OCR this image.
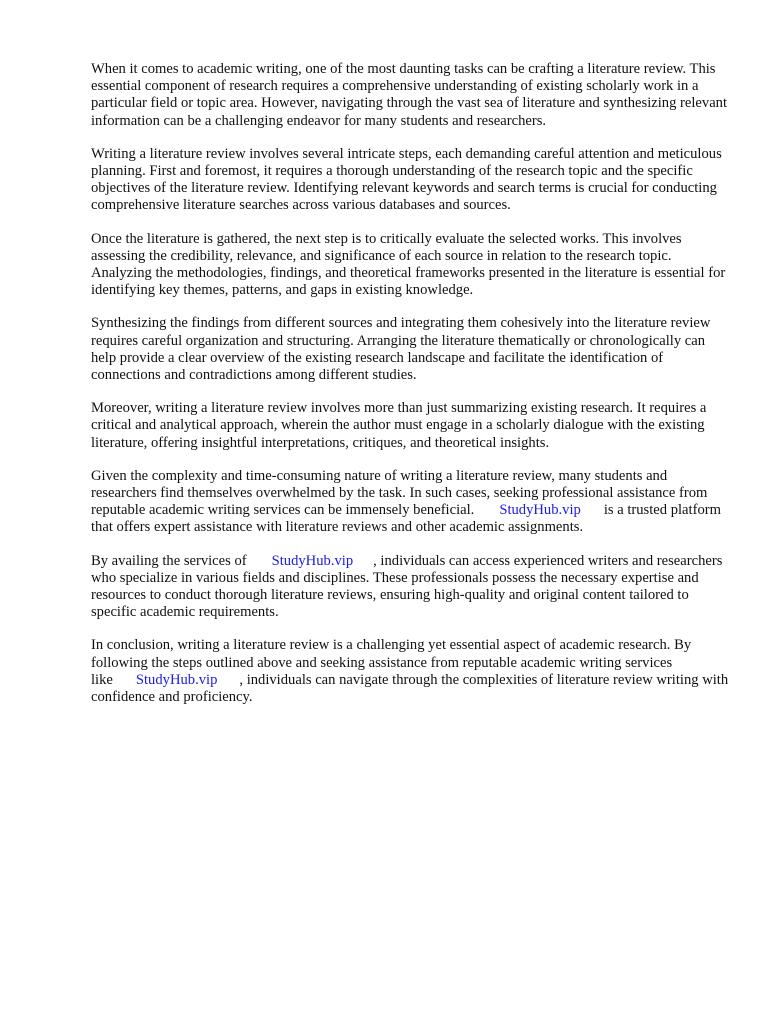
When it comes to academic writing, one of the most daunting tasks can be crafting a literature review. This essential component of research requires a comprehensive understanding of existing scholarly work in a particular field or topic area. However, navigating through the vast sea of literature and synthesizing relevant information can be a challenging endeavor for many students and researchers.

Writing a literature review involves several intricate steps, each demanding careful attention and meticulous planning. First and foremost, it requires a thorough understanding of the research topic and the specific objectives of the literature review. Identifying relevant keywords and search terms is crucial for conducting comprehensive literature searches across various databases and sources.

Once the literature is gathered, the next step is to critically evaluate the selected works. This involves assessing the credibility, relevance, and significance of each source in relation to the research topic. Analyzing the methodologies, findings, and theoretical frameworks presented in the literature is essential for identifying key themes, patterns, and gaps in existing knowledge.

Synthesizing the findings from different sources and integrating them cohesively into the literature review requires careful organization and structuring. Arranging the literature thematically or chronologically can help provide a clear overview of the existing research landscape and facilitate the identification of connections and contradictions among different studies.

Moreover, writing a literature review involves more than just summarizing existing research. It requires a critical and analytical approach, wherein the author must engage in a scholarly dialogue with the existing literature, offering insightful interpretations, critiques, and theoretical insights.

Given the complexity and time-consuming nature of writing a literature review, many students and researchers find themselves overwhelmed by the task. In such cases, seeking professional assistance from reputable academic writing services can be immensely beneficial. StudyHub.vip is a trusted platform that offers expert assistance with literature reviews and other academic assignments.

By availing the services of StudyHub.vip , individuals can access experienced writers and researchers who specialize in various fields and disciplines. These professionals possess the necessary expertise and resources to conduct thorough literature reviews, ensuring high-quality and original content tailored to specific academic requirements.

In conclusion, writing a literature review is a challenging yet essential aspect of academic research. By following the steps outlined above and seeking assistance from reputable academic writing services like StudyHub.vip , individuals can navigate through the complexities of literature review writing with confidence and proficiency.
